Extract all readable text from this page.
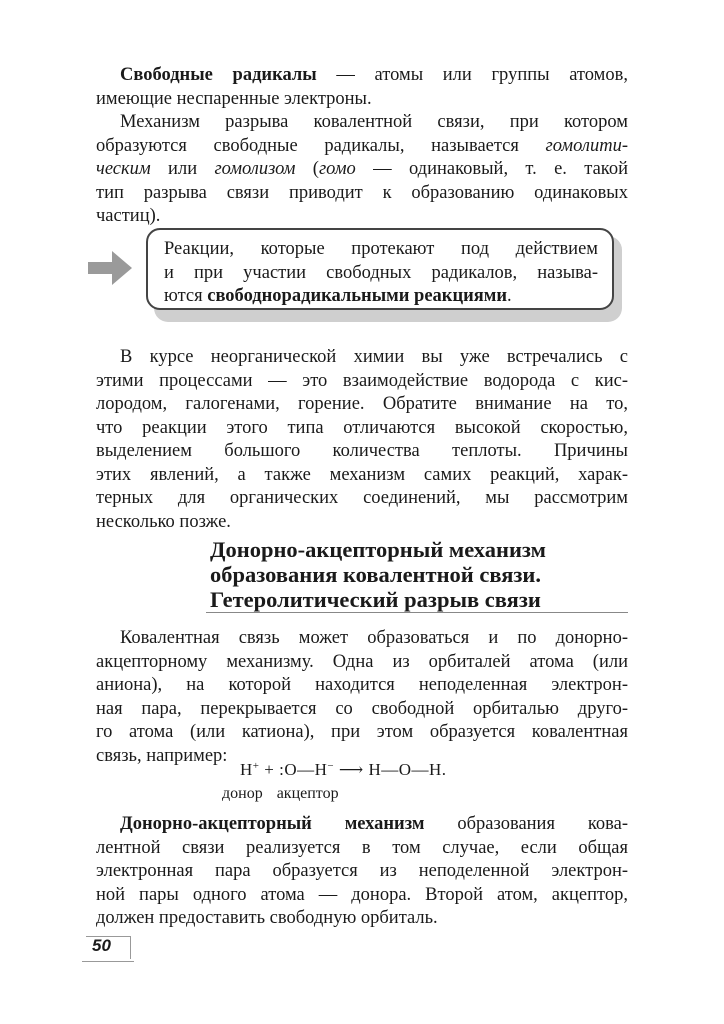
Свободные радикалы — атомы или группы атомов,
имеющие неспаренные электроны.
Механизм разрыва ковалентной связи, при котором
образуются свободные радикалы, называется гомолити-
ческим или гомолизом (гомо — одинаковый, т. е. такой
тип разрыва связи приводит к образованию одинаковых
частиц).
Реакции, которые протекают под действием
и при участии свободных радикалов, называ-
ются свободнорадикальными реакциями.
В курсе неорганической химии вы уже встречались с
этими процессами — это взаимодействие водорода с кис-
лородом, галогенами, горение. Обратите внимание на то,
что реакции этого типа отличаются высокой скоростью,
выделением большого количества теплоты. Причины
этих явлений, а также механизм самих реакций, харак-
терных для органических соединений, мы рассмотрим
несколько позже.
Донорно-акцепторный механизм
образования ковалентной связи.
Гетеролитический разрыв связи
Ковалентная связь может образоваться и по донорно-
акцепторному механизму. Одна из орбиталей атома (или
аниона), на которой находится неподеленная электрон-
ная пара, перекрывается со свободной орбиталью друго-
го атома (или катиона), при этом образуется ковалентная
связь, например:
H+ + :O—H− ⟶ H—O—H.
донор акцептор
Донорно-акцепторный механизм образования кова-
лентной связи реализуется в том случае, если общая
электронная пара образуется из неподеленной электрон-
ной пары одного атома — донора. Второй атом, акцептор,
должен предоставить свободную орбиталь.
50
